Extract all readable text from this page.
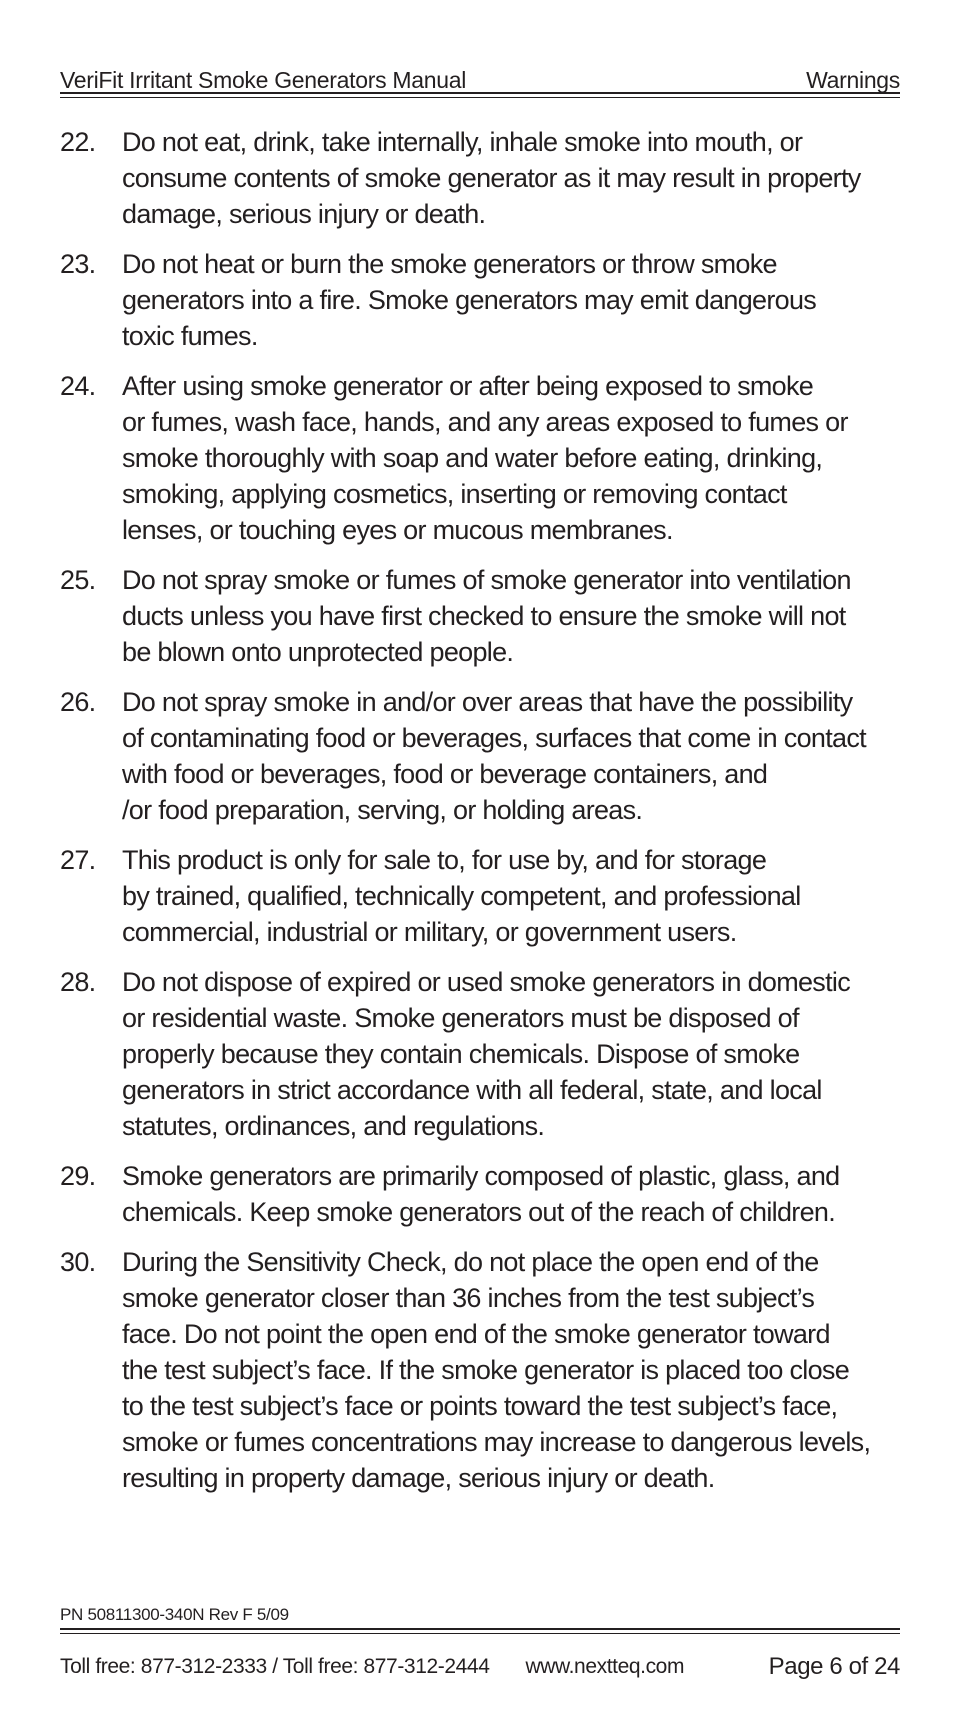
VeriFit Irritant Smoke Generators Manual	Warnings
22. Do not eat, drink, take internally, inhale smoke into mouth, or
consume contents of smoke generator as it may result in property
damage, serious injury or death.
23. Do not heat or burn the smoke generators or throw smoke
generators into a fire. Smoke generators may emit dangerous
toxic fumes.
24. After using smoke generator or after being exposed to smoke
or fumes, wash face, hands, and any areas exposed to fumes or
smoke thoroughly with soap and water before eating, drinking,
smoking, applying cosmetics, inserting or removing contact
lenses, or touching eyes or mucous membranes.
25. Do not spray smoke or fumes of smoke generator into ventilation
ducts unless you have first checked to ensure the smoke will not
be blown onto unprotected people.
26. Do not spray smoke in and/or over areas that have the possibility
of contaminating food or beverages, surfaces that come in contact
with food or beverages, food or beverage containers, and
/or food preparation, serving, or holding areas.
27. This product is only for sale to, for use by, and for storage
by trained, qualified, technically competent, and professional
commercial, industrial or military, or government users.
28. Do not dispose of expired or used smoke generators in domestic
or residential waste. Smoke generators must be disposed of
properly because they contain chemicals. Dispose of smoke
generators in strict accordance with all federal, state, and local
statutes, ordinances, and regulations.
29. Smoke generators are primarily composed of plastic, glass, and
chemicals. Keep smoke generators out of the reach of children.
30. During the Sensitivity Check, do not place the open end of the
smoke generator closer than 36 inches from the test subject’s
face. Do not point the open end of the smoke generator toward
the test subject’s face. If the smoke generator is placed too close
to the test subject’s face or points toward the test subject’s face,
smoke or fumes concentrations may increase to dangerous levels,
resulting in property damage, serious injury or death.
PN 50811300-340N Rev F 5/09
Toll free: 877-312-2333 / Toll free: 877-312-2444 www.nextteq.com	Page 6 of 24
